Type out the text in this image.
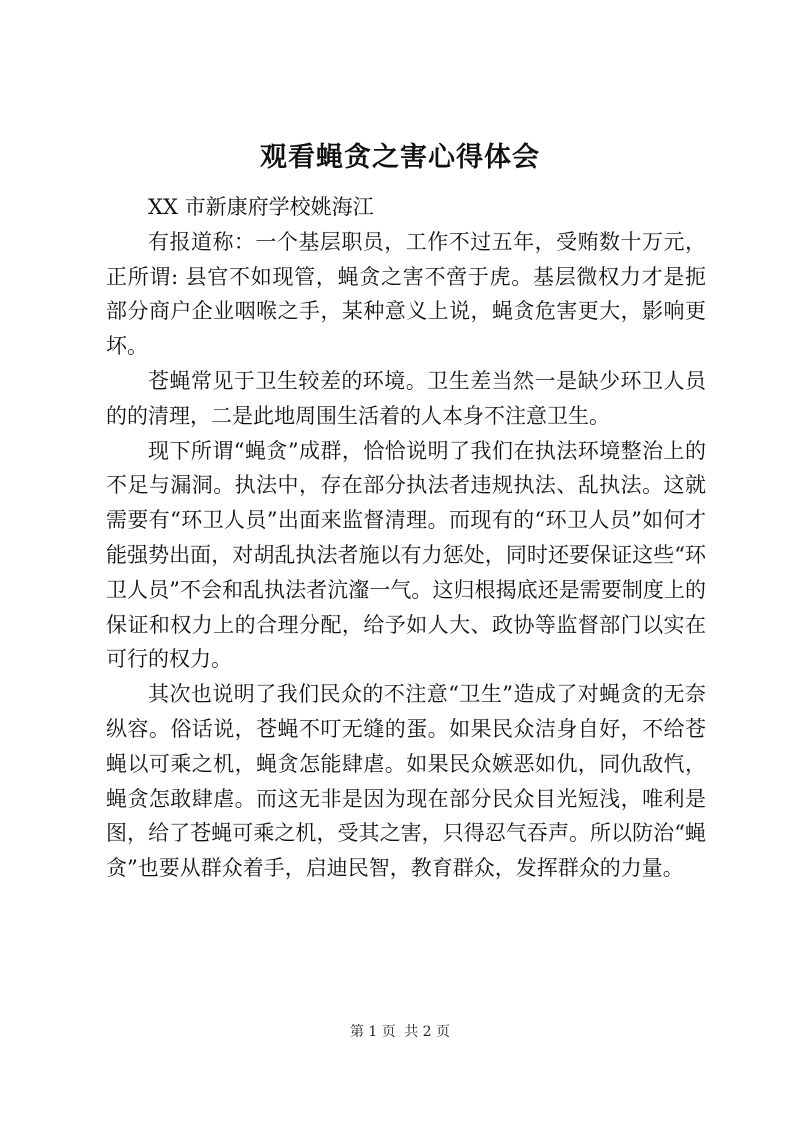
观看蝇贪之害心得体会

XX 市新康府学校姚海江

有报道称：一个基层职员，工作不过五年，受贿数十万元，正所谓: 县官不如现管，蝇贪之害不啻于虎。基层微权力才是扼部分商户企业咽喉之手，某种意义上说，蝇贪危害更大，影响更坏。

苍蝇常见于卫生较差的环境。卫生差当然一是缺少环卫人员的的清理，二是此地周围生活着的人本身不注意卫生。

现下所谓“蝇贪”成群，恰恰说明了我们在执法环境整治上的不足与漏洞。执法中，存在部分执法者违规执法、乱执法。这就需要有“环卫人员”出面来监督清理。而现有的“环卫人员”如何才能强势出面，对胡乱执法者施以有力惩处，同时还要保证这些“环卫人员”不会和乱执法者沆瀣一气。这归根揭底还是需要制度上的保证和权力上的合理分配，给予如人大、政协等监督部门以实在可行的权力。

其次也说明了我们民众的不注意“卫生”造成了对蝇贪的无奈纵容。俗话说，苍蝇不叮无缝的蛋。如果民众洁身自好，不给苍蝇以可乘之机，蝇贪怎能肆虐。如果民众嫉恶如仇，同仇敌忾，蝇贪怎敢肆虐。而这无非是因为现在部分民众目光短浅，唯利是图，给了苍蝇可乘之机，受其之害，只得忍气吞声。所以防治“蝇贪”也要从群众着手，启迪民智，教育群众，发挥群众的力量。

第 1 页 共 2 页
